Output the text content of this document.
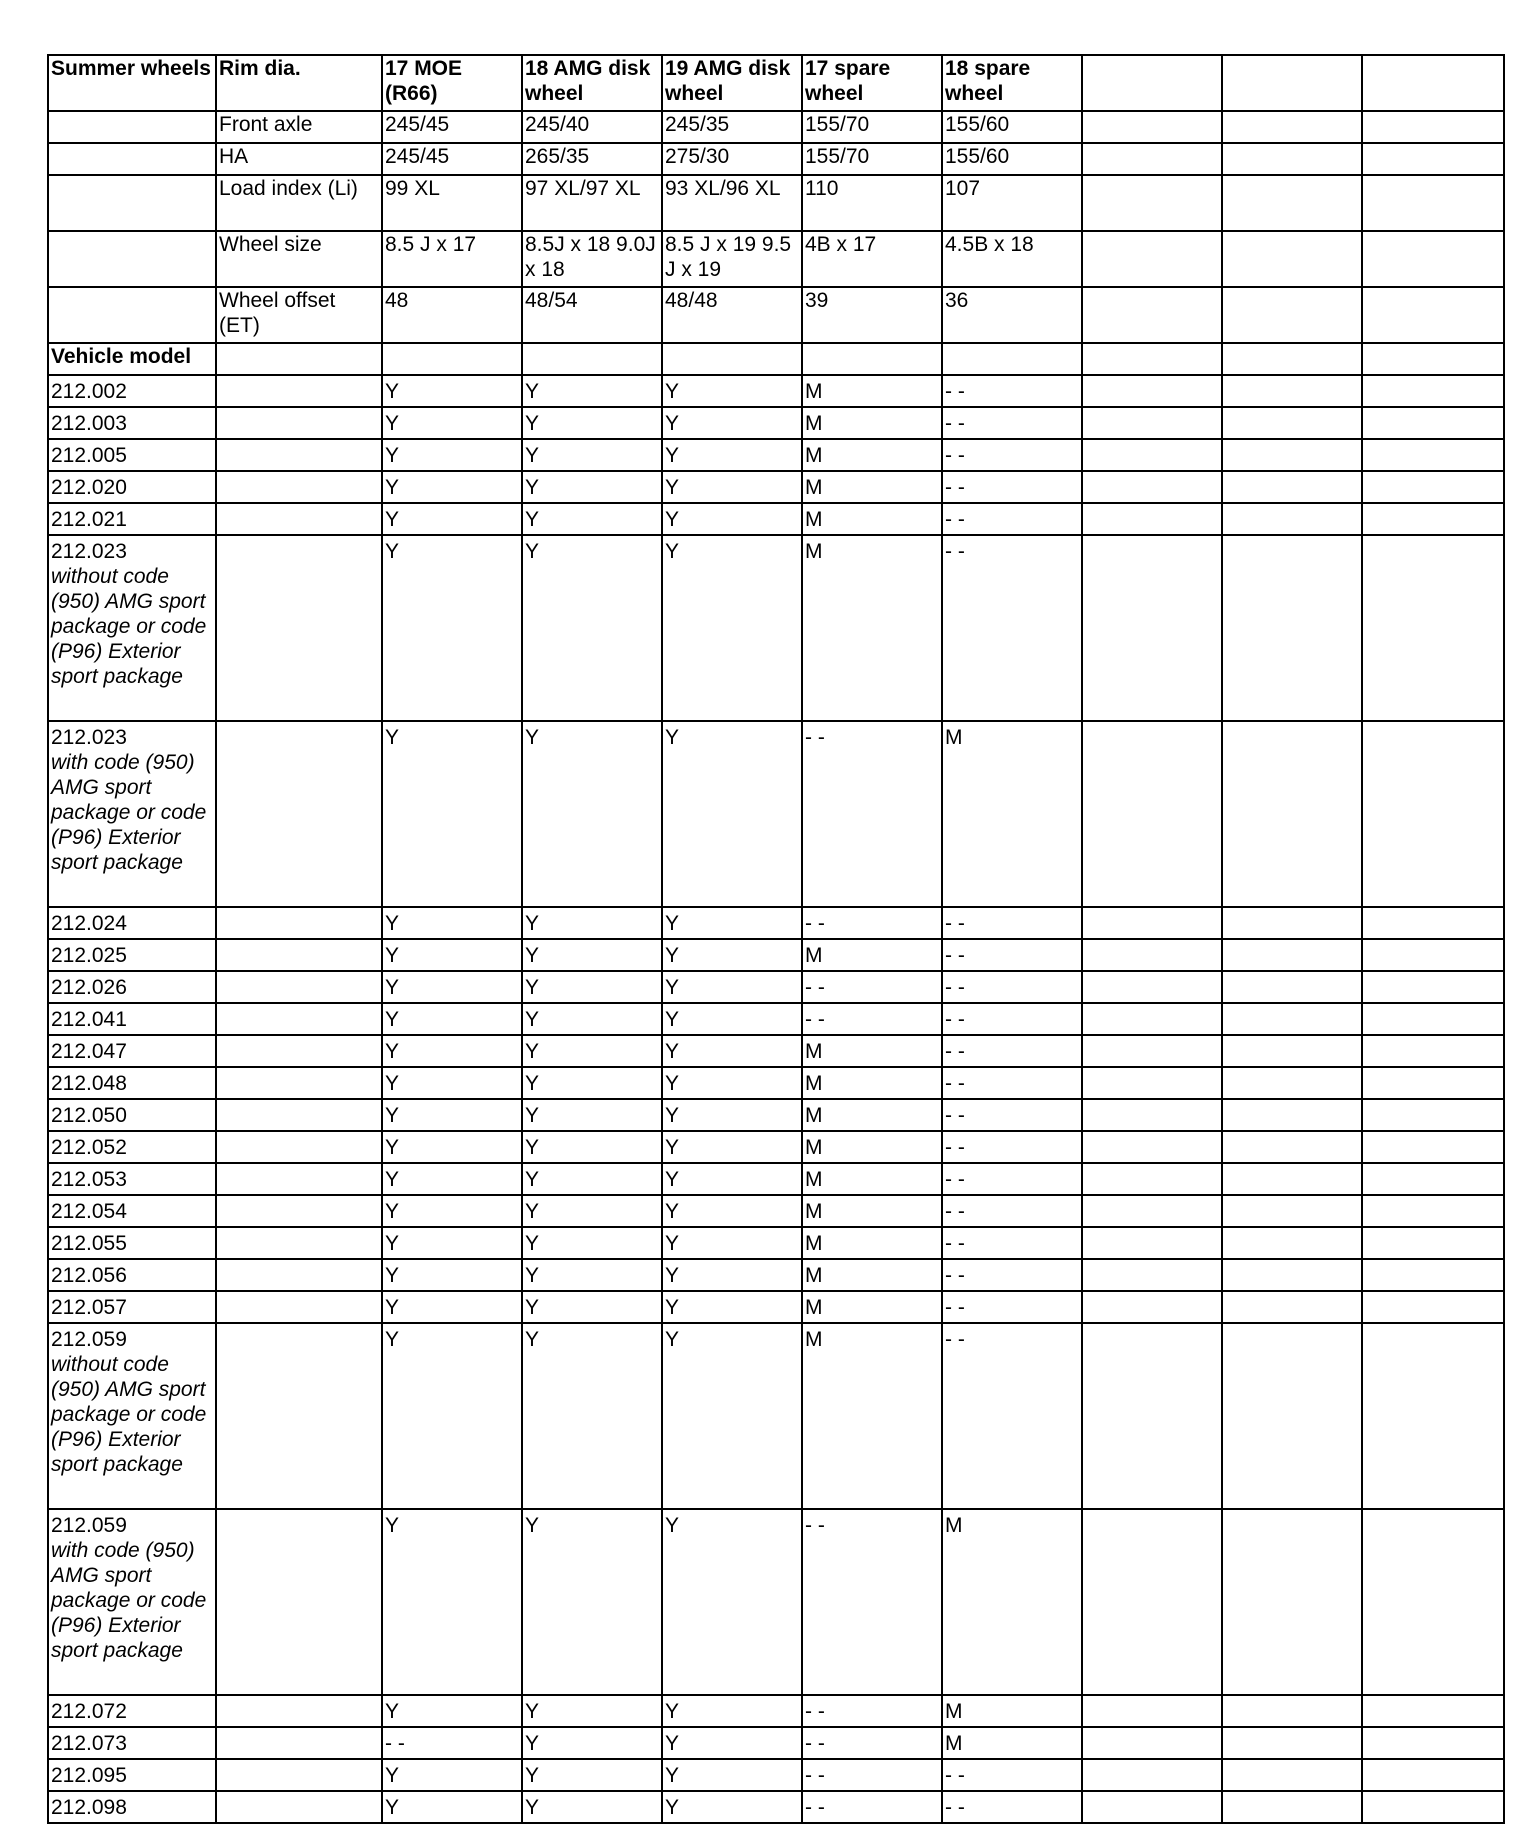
Summer wheels	Rim dia.	17 MOE (R66)	18 AMG disk wheel	19 AMG disk wheel	17 spare wheel	18 spare wheel			
	Front axle	245/45	245/40	245/35	155/70	155/60			
	HA	245/45	265/35	275/30	155/70	155/60			
	Load index (Li)	99 XL	97 XL/97 XL	93 XL/96 XL	110	107			
	Wheel size	8.5 J x 17	8.5J x 18 9.0J x 18	8.5 J x 19 9.5 J x 19	4B x 17	4.5B x 18			
	Wheel offset (ET)	48	48/54	48/48	39	36			
Vehicle model									

212.002		Y	Y	Y	M	- -			

212.003		Y	Y	Y	M	- -			

212.005		Y	Y	Y	M	- -			

212.020		Y	Y	Y	M	- -			

212.021		Y	Y	Y	M	- -			

212.023
without code (950) AMG sport package or code (P96) Exterior sport package		Y	Y	Y	M	- -			

212.023
with code (950) AMG sport package or code (P96) Exterior sport package		Y	Y	Y	- -	M			

212.024		Y	Y	Y	- -	- -			

212.025		Y	Y	Y	M	- -			

212.026		Y	Y	Y	- -	- -			

212.041		Y	Y	Y	- -	- -			

212.047		Y	Y	Y	M	- -			

212.048		Y	Y	Y	M	- -			

212.050		Y	Y	Y	M	- -			

212.052		Y	Y	Y	M	- -			

212.053		Y	Y	Y	M	- -			

212.054		Y	Y	Y	M	- -			

212.055		Y	Y	Y	M	- -			

212.056		Y	Y	Y	M	- -			

212.057		Y	Y	Y	M	- -			

212.059
without code (950) AMG sport package or code (P96) Exterior sport package		Y	Y	Y	M	- -			

212.059
with code (950) AMG sport package or code (P96) Exterior sport package		Y	Y	Y	- -	M			

212.072		Y	Y	Y	- -	M			

212.073		- -	Y	Y	- -	M			

212.095		Y	Y	Y	- -	- -			

212.098		Y	Y	Y	- -	- -			
